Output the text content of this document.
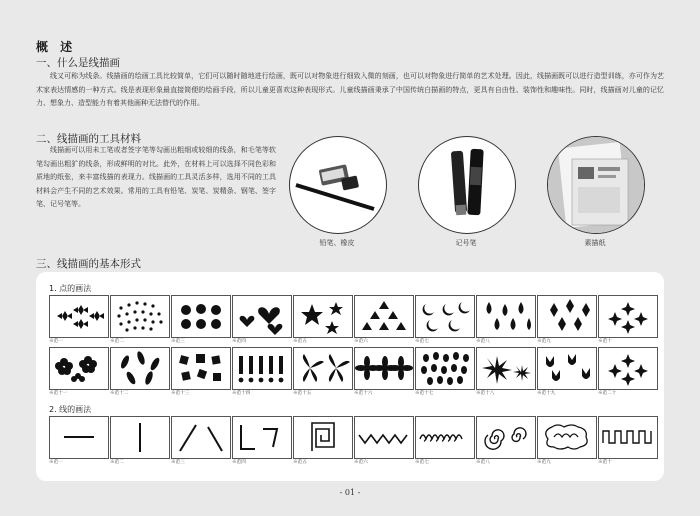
概 述
一、什么是线描画
线又可称为线条。线描画的绘画工具比较简单，它们可以随时随地进行绘画，既可以对物象进行细致入微的刻画，也可以对物象进行简单的艺术处理。因此，线描画既可以进行造型训练，亦可作为艺术家表达情感的一种方式。线是表现形象最直接简便的绘画手段，所以儿童更喜欢这种表现形式。儿童线描画秉承了中国传统白描画的特点，更具有自由性、装饰性和趣味性。同时，线描画对儿童的记忆力、想象力、造型能力有着其他画种无法替代的作用。
二、线描画的工具材料
线描画可以用未工笔或者签字笔等勾画出粗细或较细的线条，和毛笔等软笔勾画出粗犷的线条，形成鲜明的对比。此外，在材料上可以选择不同色彩和质地的纸张，来丰富线描的表现力。线描画的工具灵活多样，选用不同的工具材料会产生不同的艺术效果。常用的工具有铅笔、炭笔、炭精条、钢笔、签字笔、记号笔等。
铅笔、橡皮	记号笔	素描纸
三、线描画的基本形式
1. 点的画法
2. 线的画法
※范一	※范二	※范三	※范四	※范五	※范六	※范七	※范八	※范九	※范十
※范十一	※范十二	※范十三	※范十四	※范十五	※范十六	※范十七	※范十八	※范十九	※范二十
※范一	※范二	※范三	※范四	※范五	※范六	※范七	※范八	※范九	※范十
- 01 -
